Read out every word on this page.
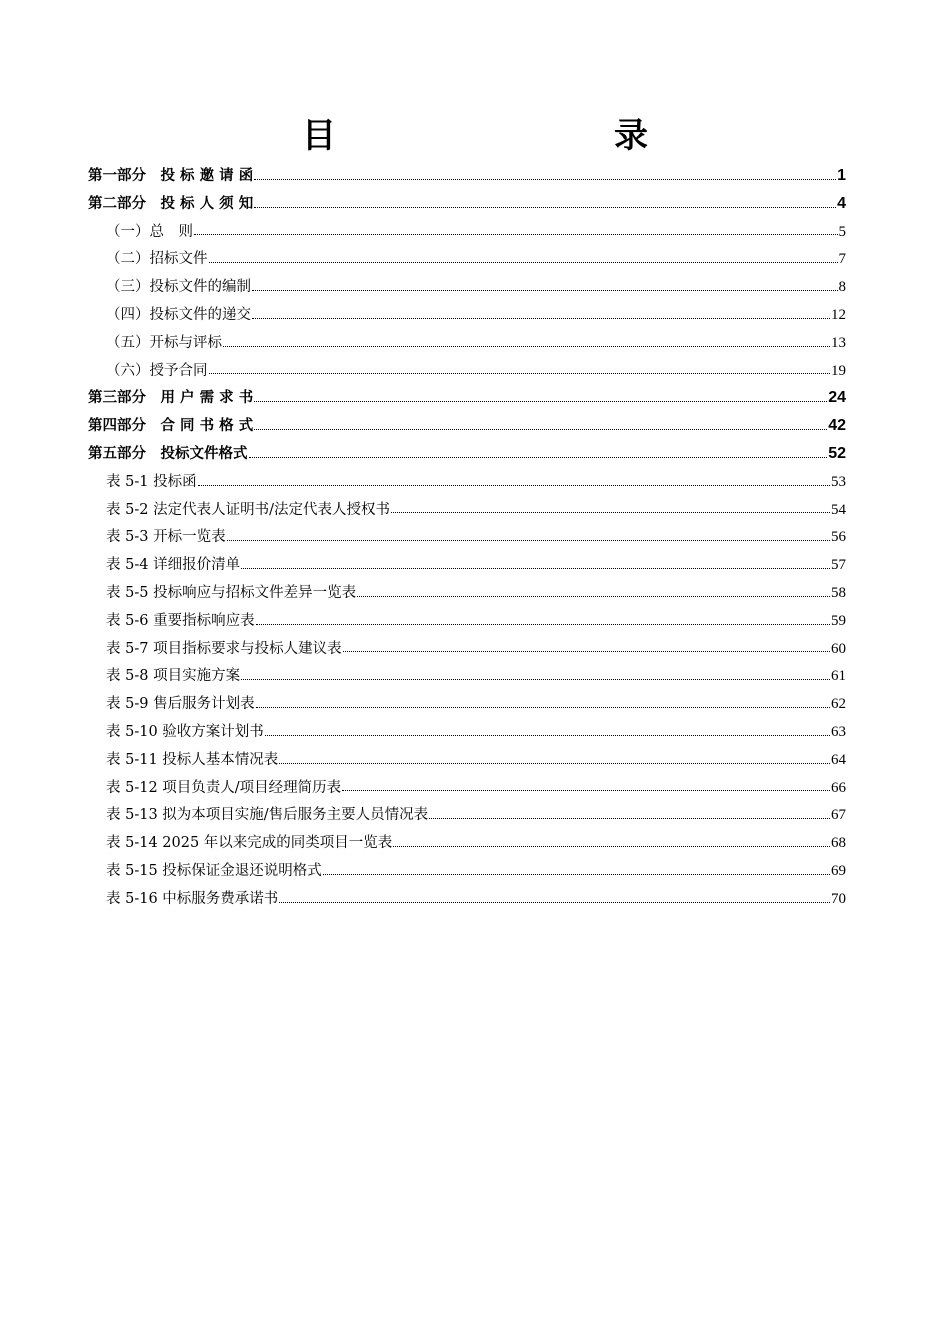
目　　录
第一部分　投 标 邀 请 函	1
第二部分　投 标 人 须 知	4
（一）总　则	5
（二）招标文件	7
（三）投标文件的编制	8
（四）投标文件的递交	12
（五）开标与评标	13
（六）授予合同	19
第三部分　用 户 需 求 书	24
第四部分　合 同 书 格 式	42
第五部分　投标文件格式	52
表 5-1 投标函	53
表 5-2 法定代表人证明书/法定代表人授权书	54
表 5-3 开标一览表	56
表 5-4 详细报价清单	57
表 5-5 投标响应与招标文件差异一览表	58
表 5-6 重要指标响应表	59
表 5-7 项目指标要求与投标人建议表	60
表 5-8 项目实施方案	61
表 5-9 售后服务计划表	62
表 5-10 验收方案计划书	63
表 5-11 投标人基本情况表	64
表 5-12 项目负责人/项目经理简历表	66
表 5-13 拟为本项目实施/售后服务主要人员情况表	67
表 5-14 2025 年以来完成的同类项目一览表	68
表 5-15 投标保证金退还说明格式	69
表 5-16 中标服务费承诺书	70
